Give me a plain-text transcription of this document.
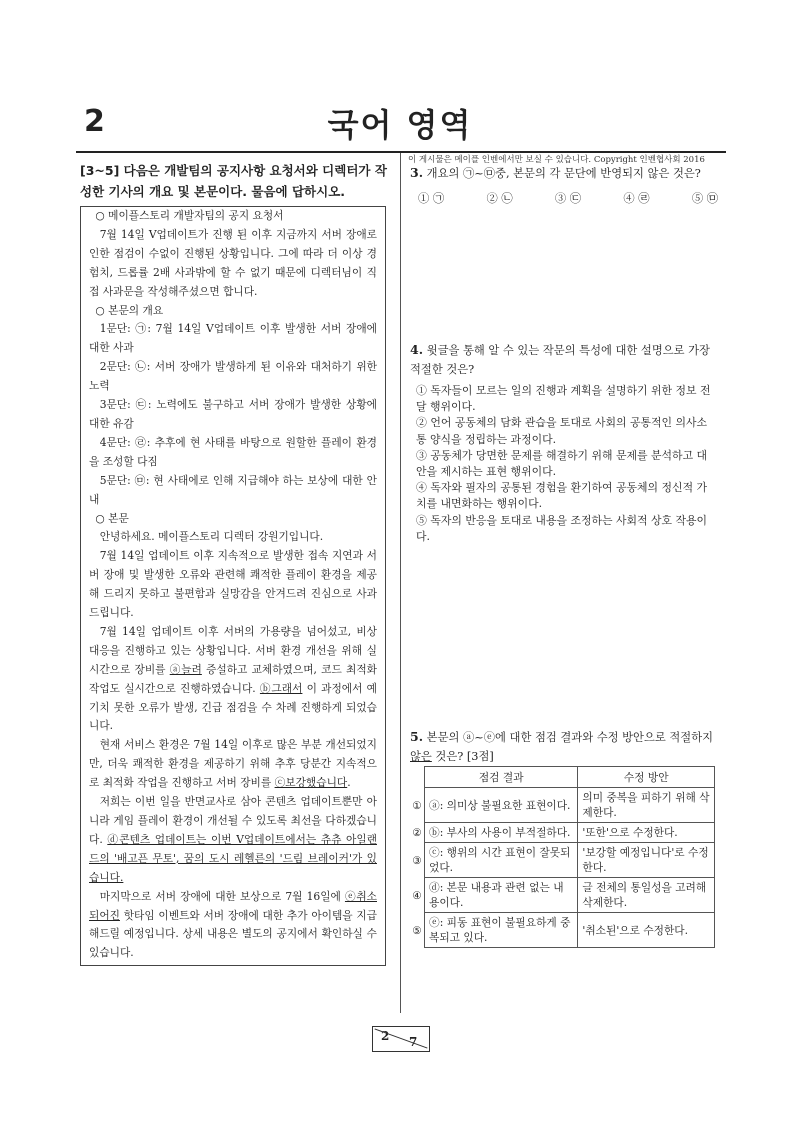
2	국어 영역
이 게시물은 메이플 인벤에서만 보실 수 있습니다. Copyright 인벤협사회 2016
[3~5] 다음은 개발팀의 공지사항 요청서와 디렉터가 작성한 기사의 개요 및 본문이다. 물음에 답하시오.

○ 메이플스토리 개발자팀의 공지 요청서

7월 14일 V업데이트가 진행 된 이후 지금까지 서버 장애로 인한 점검이 수없이 진행된 상황입니다. 그에 따라 더 이상 경험치, 드롭률 2배 사과밖에 할 수 없기 때문에 디렉터님이 직접 사과문을 작성해주셨으면 합니다.

○ 본문의 개요

1문단: ㉠: 7월 14일 V업데이트 이후 발생한 서버 장애에 대한 사과

2문단: ㉡: 서버 장애가 발생하게 된 이유와 대처하기 위한 노력

3문단: ㉢: 노력에도 불구하고 서버 장애가 발생한 상황에 대한 유감

4문단: ㉣: 추후에 현 사태를 바탕으로 원할한 플레이 환경을 조성할 다짐

5문단: ㉤: 현 사태에로 인해 지급해야 하는 보상에 대한 안내

○ 본문

안녕하세요. 메이플스토리 디렉터 강원기입니다.

7월 14일 업데이트 이후 지속적으로 발생한 접속 지연과 서버 장애 및 발생한 오류와 관련해 쾌적한 플레이 환경을 제공해 드리지 못하고 불편함과 실망감을 안겨드려 진심으로 사과 드립니다.

7월 14일 업데이트 이후 서버의 가용량을 넘어섰고, 비상 대응을 진행하고 있는 상황입니다. 서버 환경 개선을 위해 실시간으로 장비를 ⓐ늘려 증설하고 교체하였으며, 코드 최적화 작업도 실시간으로 진행하였습니다. ⓑ그래서 이 과정에서 예기치 못한 오류가 발생, 긴급 점검을 수 차례 진행하게 되었습니다.

현재 서비스 환경은 7월 14일 이후로 많은 부분 개선되었지만, 더욱 쾌적한 환경을 제공하기 위해 추후 당분간 지속적으로 최적화 작업을 진행하고 서버 장비를 ⓒ보강했습니다.

저희는 이번 일을 반면교사로 삼아 콘텐츠 업데이트뿐만 아니라 게임 플레이 환경이 개선될 수 있도록 최선을 다하겠습니다. ⓓ콘텐츠 업데이트는 이번 V업데이트에서는 츄츄 아일랜드의 '배고픈 무토', 꿈의 도시 레헬른의 '드림 브레이커'가 있습니다.

마지막으로 서버 장애에 대한 보상으로 7월 16일에 ⓔ취소되어진 핫타임 이벤트와 서버 장애에 대한 추가 아이템을 지급해드릴 예정입니다. 상세 내용은 별도의 공지에서 확인하실 수 있습니다.

3. 개요의 ㉠~㉤중, 본문의 각 문단에 반영되지 않은 것은?
① ㉠	② ㉡	③ ㉢	④ ㉣	⑤ ㉤
4. 윗글을 통해 알 수 있는 작문의 특성에 대한 설명으로 가장 적절한 것은?

① 독자들이 모르는 일의 진행과 계획을 설명하기 위한 정보 전달 행위이다.

② 언어 공동체의 담화 관습을 토대로 사회의 공통적인 의사소통 양식을 정립하는 과정이다.

③ 공동체가 당면한 문제를 해결하기 위해 문제를 분석하고 대안을 제시하는 표현 행위이다.

④ 독자와 필자의 공통된 경험을 환기하여 공동체의 정신적 가치를 내면화하는 행위이다.

⑤ 독자의 반응을 토대로 내용을 조정하는 사회적 상호 작용이다.

5. 본문의 ⓐ~ⓔ에 대한 점검 결과와 수정 방안으로 적절하지 않은 것은? [3점]
	점검 결과	수정 방안
①	ⓐ: 의미상 불필요한 표현이다.	의미 중복을 피하기 위해 삭제한다.
②	ⓑ: 부사의 사용이 부적절하다.	'또한'으로 수정한다.
③	ⓒ: 행위의 시간 표현이 잘못되었다.	'보강할 예정입니다'로 수정한다.
④	ⓓ: 본문 내용과 관련 없는 내용이다.	글 전체의 통일성을 고려해 삭제한다.
⑤	ⓔ: 피동 표현이 불필요하게 중복되고 있다.	'취소된'으로 수정한다.
2 7
